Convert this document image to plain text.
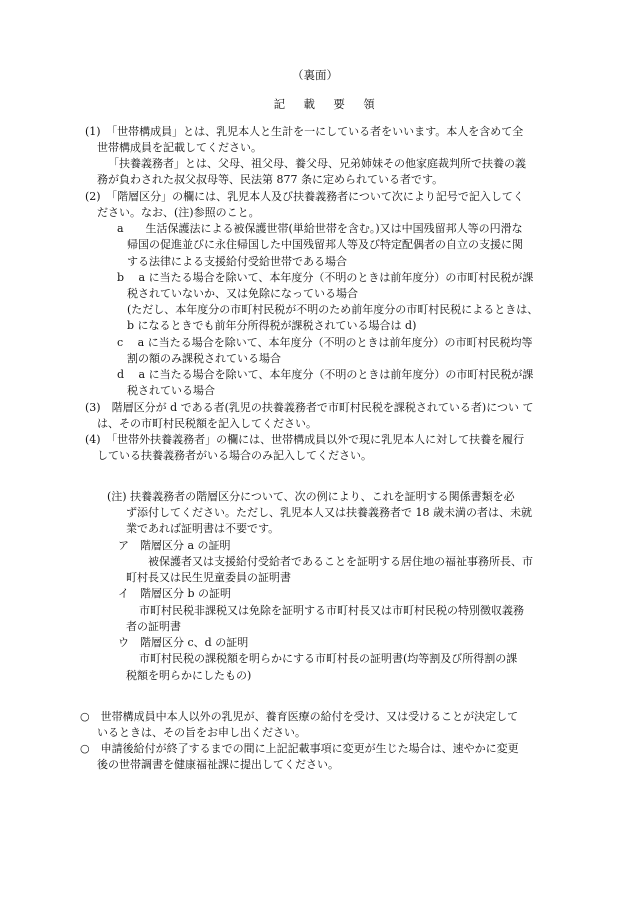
（裏面）
記載要領
(1)　「世帯構成員」とは、乳児本人と生計を一にしている者をいいます。本人を含めて全
世帯構成員を記載してください。
「扶養義務者」とは、父母、祖父母、養父母、兄弟姉妹その他家庭裁判所で扶養の義
務が負わされた叔父叔母等、民法第 877 条に定められている者です。
(2)　「階層区分」の欄には、乳児本人及び扶養義務者について次により記号で記入してく
ださい。なお、(注)参照のこと。
a　　生活保護法による被保護世帯(単給世帯を含む。)又は中国残留邦人等の円滑な
帰国の促進並びに永住帰国した中国残留邦人等及び特定配偶者の自立の支援に関
する法律による支援給付受給世帯である場合
b　 a に当たる場合を除いて、本年度分（不明のときは前年度分）の市町村民税が課
税されていないか、又は免除になっている場合
(ただし、本年度分の市町村民税が不明のため前年度分の市町村民税によるときは、
b になるときでも前年分所得税が課税されている場合は d)
c　 a に当たる場合を除いて、本年度分（不明のときは前年度分）の市町村民税均等
割の額のみ課税されている場合
d　 a に当たる場合を除いて、本年度分（不明のときは前年度分）の市町村民税が課
税されている場合
(3)　階層区分が d である者(乳児の扶養義務者で市町村民税を課税されている者)につい て
は、その市町村民税額を記入してください。
(4)　「世帯外扶養義務者」の欄には、世帯構成員以外で現に乳児本人に対して扶養を履行
している扶養義務者がいる場合のみ記入してください。
(注) 扶養義務者の階層区分について、次の例により、これを証明する関係書類を必
ず添付してください。ただし、乳児本人又は扶養義務者で 18 歳未満の者は、未就
業であれば証明書は不要です。
ア　階層区分 a の証明
被保護者又は支援給付受給者であることを証明する居住地の福祉事務所長、市
町村長又は民生児童委員の証明書
イ　階層区分 b の証明
市町村民税非課税又は免除を証明する市町村長又は市町村民税の特別徴収義務
者の証明書
ウ　階層区分 c、d の証明
市町村民税の課税額を明らかにする市町村長の証明書(均等割及び所得割の課
税額を明らかにしたもの)
○　世帯構成員中本人以外の乳児が、養育医療の給付を受け、又は受けることが決定して
いるときは、その旨をお申し出ください。
○　申請後給付が終了するまでの間に上記記載事項に変更が生じた場合は、速やかに変更
後の世帯調書を健康福祉課に提出してください。
